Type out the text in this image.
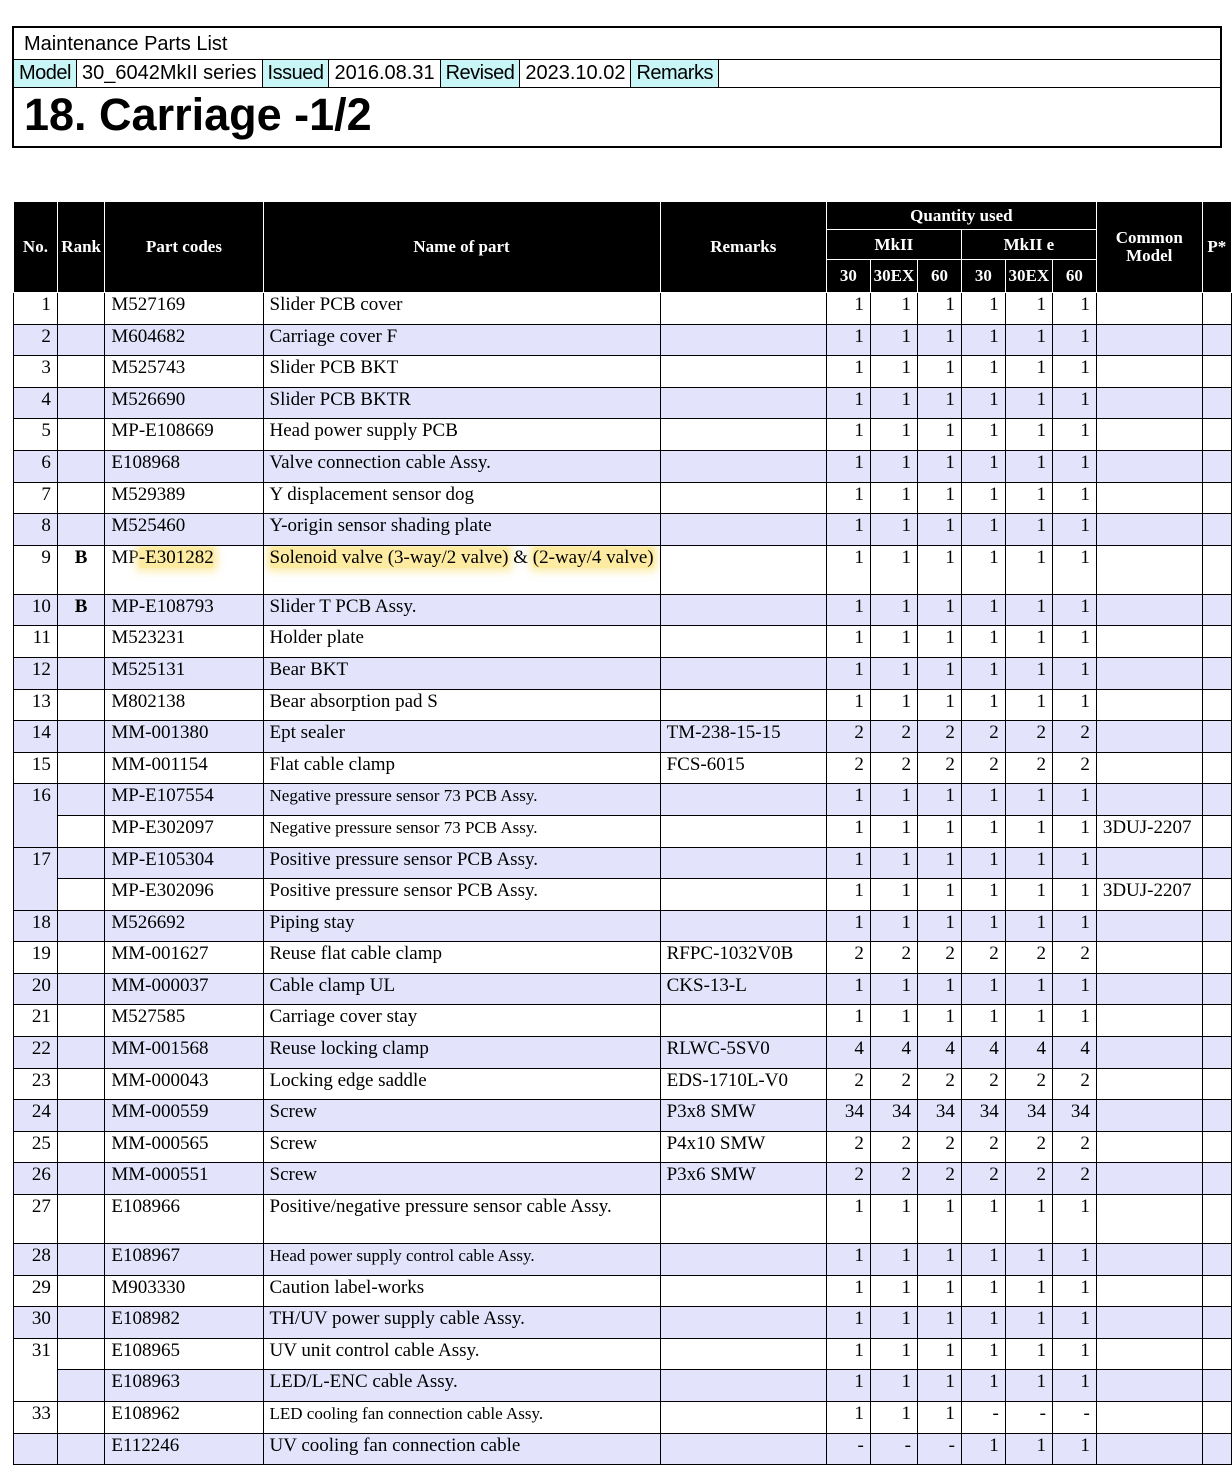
Maintenance Parts List
Model 30_6042MkII series Issued 2016.08.31 Revised 2023.10.02 Remarks
18. Carriage -1/2
No.	Rank	Part codes	Name of part	Remarks	Quantity used						Common Model	P*
					MkII			MkII e				
					30	30EX	60	30	30EX	60		
1		M527169	Slider PCB cover		1	1	1	1	1	1		
2		M604682	Carriage cover F		1	1	1	1	1	1		
3		M525743	Slider PCB BKT		1	1	1	1	1	1		
4		M526690	Slider PCB BKTR		1	1	1	1	1	1		
5		MP-E108669	Head power supply PCB		1	1	1	1	1	1		
6		E108968	Valve connection cable Assy.		1	1	1	1	1	1		
7		M529389	Y displacement sensor dog		1	1	1	1	1	1		
8		M525460	Y-origin sensor shading plate		1	1	1	1	1	1		
9	B	MP-E301282	Solenoid valve (3-way/2 valve) & (2-way/4 valve)		1	1	1	1	1	1		
10	B	MP-E108793	Slider T PCB Assy.		1	1	1	1	1	1		
11		M523231	Holder plate		1	1	1	1	1	1		
12		M525131	Bear BKT		1	1	1	1	1	1		
13		M802138	Bear absorption pad S		1	1	1	1	1	1		
14		MM-001380	Ept sealer	TM-238-15-15	2	2	2	2	2	2		
15		MM-001154	Flat cable clamp	FCS-6015	2	2	2	2	2	2		
16		MP-E107554	Negative pressure sensor 73 PCB Assy.		1	1	1	1	1	1		
		MP-E302097	Negative pressure sensor 73 PCB Assy.		1	1	1	1	1	1	3DUJ-2207	
17		MP-E105304	Positive pressure sensor PCB Assy.		1	1	1	1	1	1		
		MP-E302096	Positive pressure sensor PCB Assy.		1	1	1	1	1	1	3DUJ-2207	
18		M526692	Piping stay		1	1	1	1	1	1		
19		MM-001627	Reuse flat cable clamp	RFPC-1032V0B	2	2	2	2	2	2		
20		MM-000037	Cable clamp UL	CKS-13-L	1	1	1	1	1	1		
21		M527585	Carriage cover stay		1	1	1	1	1	1		
22		MM-001568	Reuse locking clamp	RLWC-5SV0	4	4	4	4	4	4		
23		MM-000043	Locking edge saddle	EDS-1710L-V0	2	2	2	2	2	2		
24		MM-000559	Screw	P3x8 SMW	34	34	34	34	34	34		
25		MM-000565	Screw	P4x10 SMW	2	2	2	2	2	2		
26		MM-000551	Screw	P3x6 SMW	2	2	2	2	2	2		
27		E108966	Positive/negative pressure sensor cable Assy.		1	1	1	1	1	1		
28		E108967	Head power supply control cable Assy.		1	1	1	1	1	1		
29		M903330	Caution label-works		1	1	1	1	1	1		
30		E108982	TH/UV power supply cable Assy.		1	1	1	1	1	1		
31		E108965	UV unit control cable Assy.		1	1	1	1	1	1		
		E108963	LED/L-ENC cable Assy.		1	1	1	1	1	1		
33		E108962	LED cooling fan connection cable Assy.		1	1	1	-	-	-		
		E112246	UV cooling fan connection cable		-	-	-	1	1	1		
